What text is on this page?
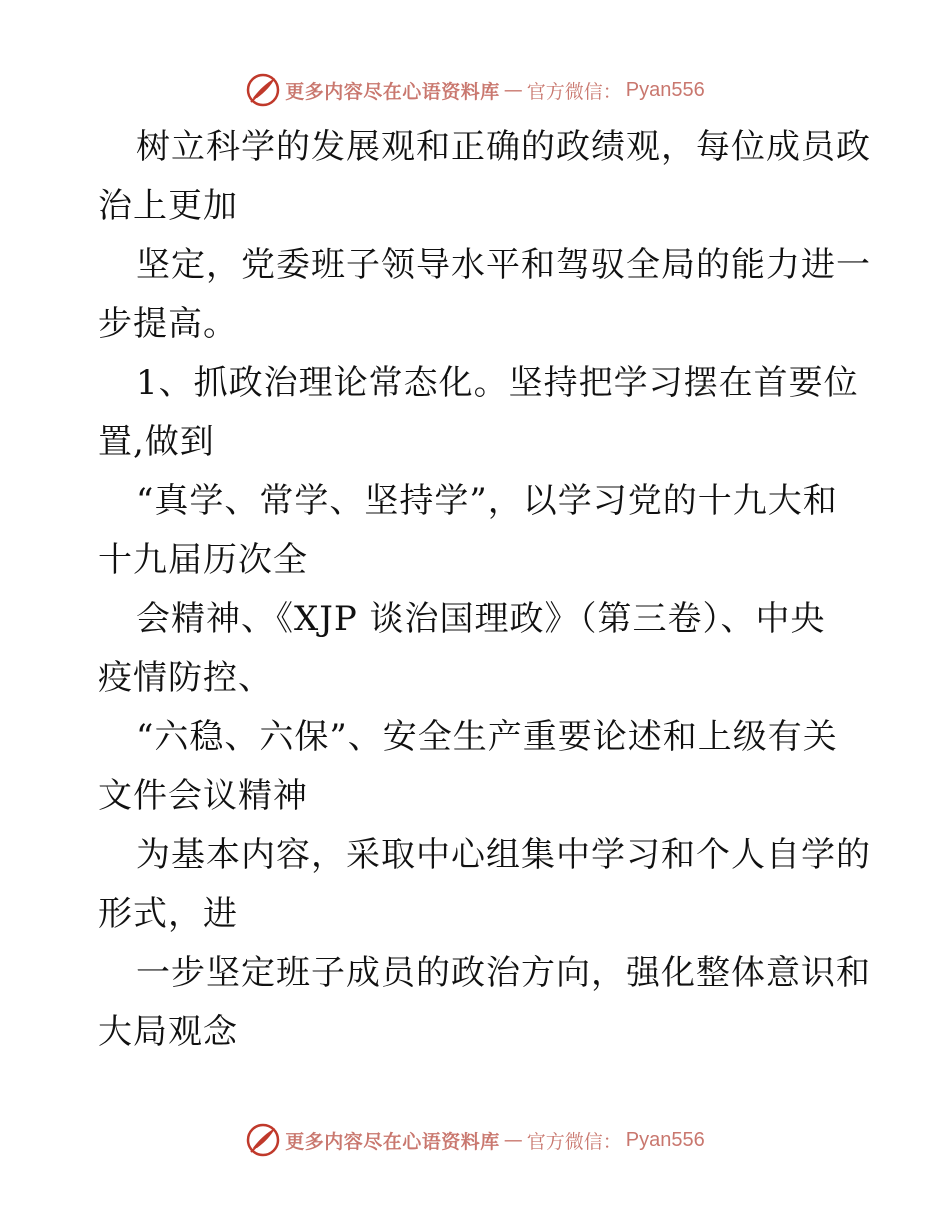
更多内容尽在心语资料库 — 官方微信： Pyan556
树立科学的发展观和正确的政绩观，每位成员政
治上更加
坚定，党委班子领导水平和驾驭全局的能力进一
步提高。
1、抓政治理论常态化。坚持把学习摆在首要位
置,做到
“真学、常学、坚持学”，以学习党的十九大和
十九届历次全
会精神、《XJP 谈治国理政》（第三卷）、中央
疫情防控、
“六稳、六保”、安全生产重要论述和上级有关
文件会议精神
为基本内容，采取中心组集中学习和个人自学的
形式，进
一步坚定班子成员的政治方向，强化整体意识和
大局观念
更多内容尽在心语资料库 — 官方微信： Pyan556
